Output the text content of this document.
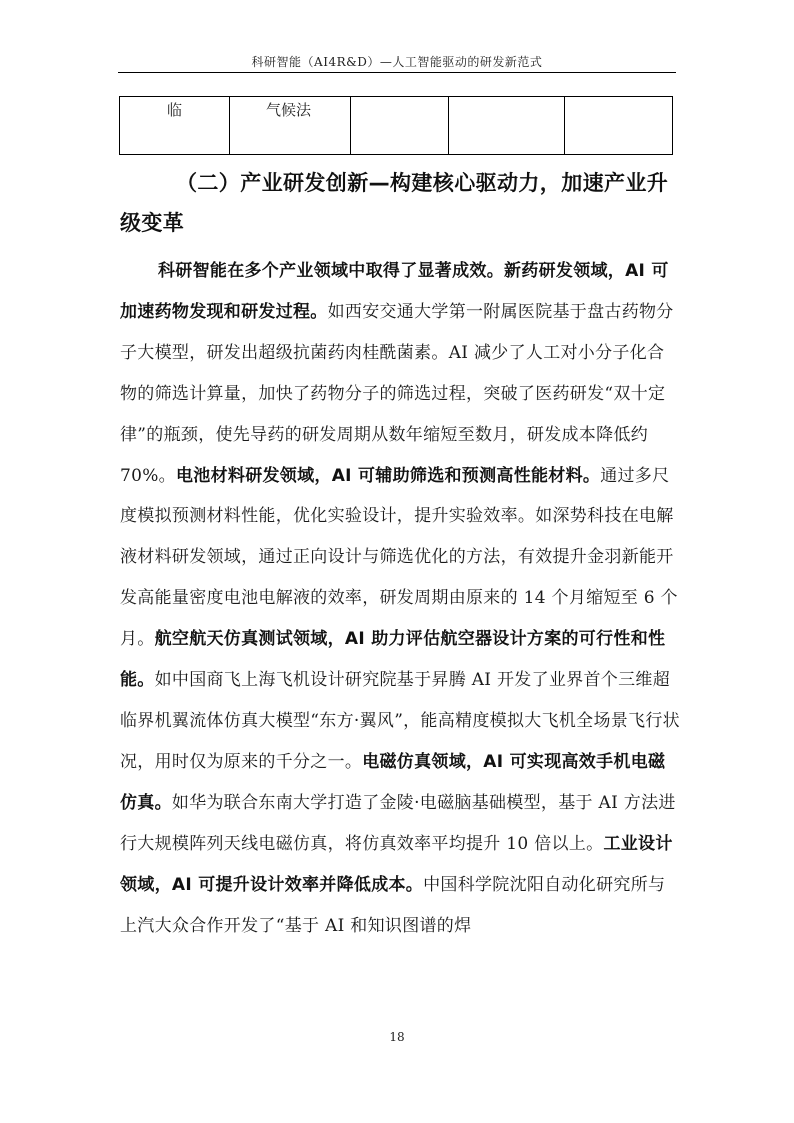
科研智能（AI4R&D）—人工智能驱动的研发新范式
临	气候法			
（二）产业研发创新—构建核心驱动力，加速产业升级变革

科研智能在多个产业领域中取得了显著成效。新药研发领域，AI 可加速药物发现和研发过程。如西安交通大学第一附属医院基于盘古药物分子大模型，研发出超级抗菌药肉桂酰菌素。AI 减少了人工对小分子化合物的筛选计算量，加快了药物分子的筛选过程，突破了医药研发“双十定律”的瓶颈，使先导药的研发周期从数年缩短至数月，研发成本降低约 70%。电池材料研发领域，AI 可辅助筛选和预测高性能材料。通过多尺度模拟预测材料性能，优化实验设计，提升实验效率。如深势科技在电解液材料研发领域，通过正向设计与筛选优化的方法，有效提升金羽新能开发高能量密度电池电解液的效率，研发周期由原来的 14 个月缩短至 6 个月。航空航天仿真测试领域，AI 助力评估航空器设计方案的可行性和性能。如中国商飞上海飞机设计研究院基于昇腾 AI 开发了业界首个三维超临界机翼流体仿真大模型“东方·翼风”，能高精度模拟大飞机全场景飞行状况，用时仅为原来的千分之一。电磁仿真领域，AI 可实现高效手机电磁仿真。如华为联合东南大学打造了金陵·电磁脑基础模型，基于 AI 方法进行大规模阵列天线电磁仿真，将仿真效率平均提升 10 倍以上。工业设计领域，AI 可提升设计效率并降低成本。中国科学院沈阳自动化研究所与上汽大众合作开发了“基于 AI 和知识图谱的焊

18
